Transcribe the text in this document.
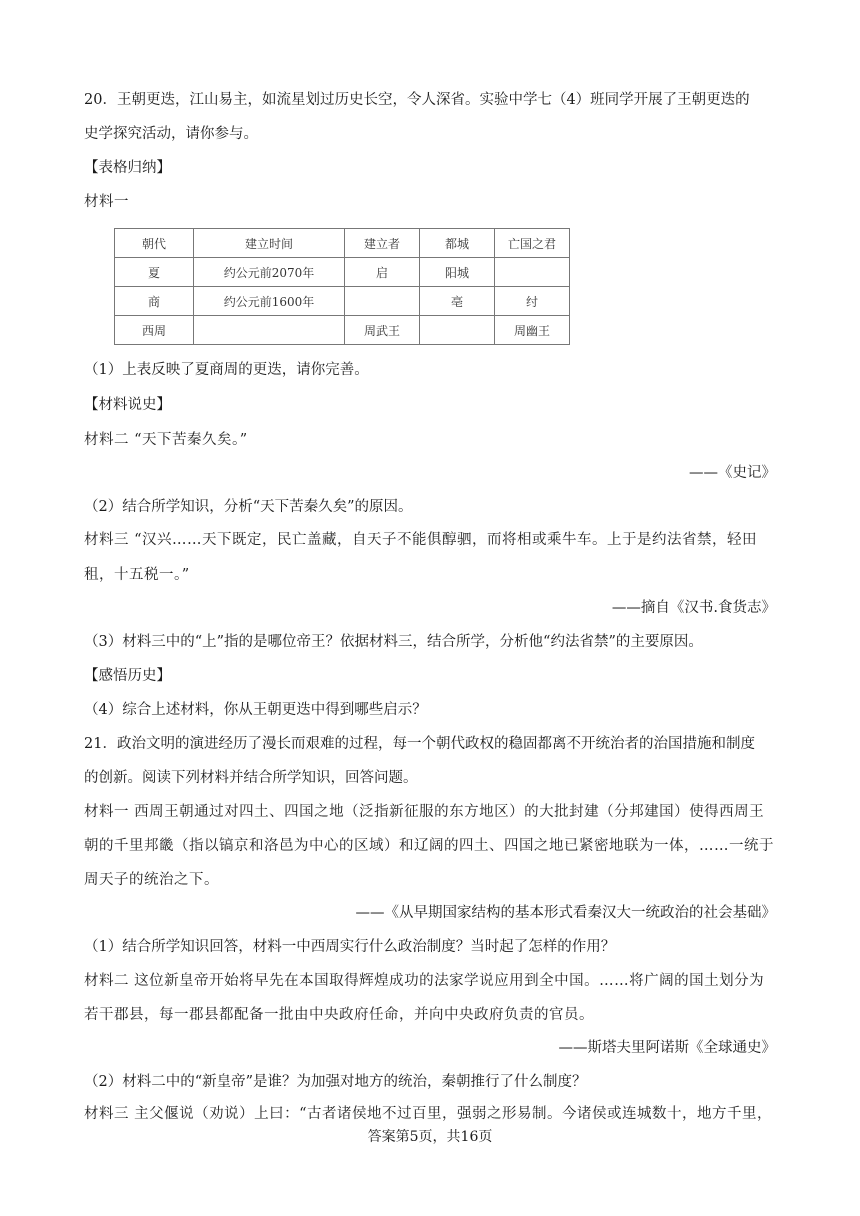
20．王朝更迭，江山易主，如流星划过历史长空，令人深省。实验中学七（4）班同学开展了王朝更迭的
史学探究活动，请你参与。
【表格归纳】
材料一
朝代	建立时间	建立者	都城	亡国之君
夏	约公元前2070年	启	阳城	
商	约公元前1600年		亳	纣
西周		周武王		周幽王
（1）上表反映了夏商周的更迭，请你完善。
【材料说史】
材料二 “天下苦秦久矣。”
——《史记》
（2）结合所学知识，分析“天下苦秦久矣”的原因。
材料三 “汉兴……天下既定，民亡盖藏，自天子不能俱醇驷，而将相或乘牛车。上于是约法省禁，轻田
租，十五税一。”
——摘自《汉书.食货志》
（3）材料三中的“上”指的是哪位帝王？依据材料三，结合所学，分析他“约法省禁”的主要原因。
【感悟历史】
（4）综合上述材料，你从王朝更迭中得到哪些启示？
21．政治文明的演进经历了漫长而艰难的过程，每一个朝代政权的稳固都离不开统治者的治国措施和制度
的创新。阅读下列材料并结合所学知识，回答问题。
材料一 西周王朝通过对四土、四国之地（泛指新征服的东方地区）的大批封建（分邦建国）使得西周王
朝的千里邦畿（指以镐京和洛邑为中心的区域）和辽阔的四土、四国之地已紧密地联为一体，……一统于
周天子的统治之下。
——《从早期国家结构的基本形式看秦汉大一统政治的社会基础》
（1）结合所学知识回答，材料一中西周实行什么政治制度？当时起了怎样的作用？
材料二 这位新皇帝开始将早先在本国取得辉煌成功的法家学说应用到全中国。……将广阔的国土划分为
若干郡县，每一郡县都配备一批由中央政府任命，并向中央政府负责的官员。
——斯塔夫里阿诺斯《全球通史》
（2）材料二中的“新皇帝”是谁？为加强对地方的统治，秦朝推行了什么制度？
材料三 主父偃说（劝说）上曰：“古者诸侯地不过百里，强弱之形易制。今诸侯或连城数十，地方千里，
答案第5页，共16页
